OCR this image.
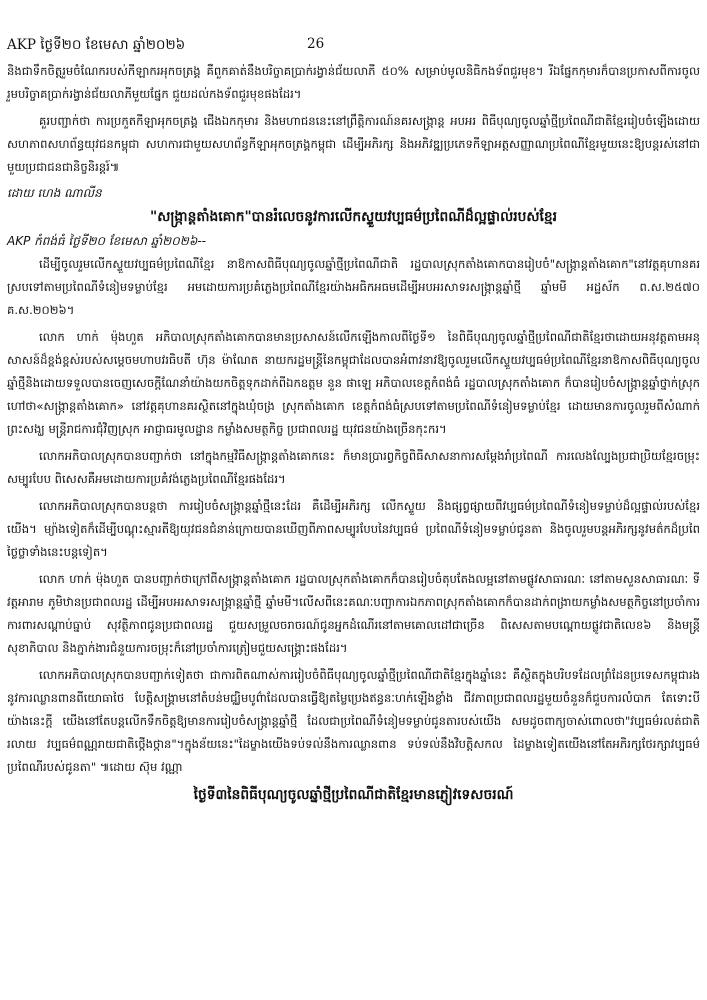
AKP ថ្ងៃទី២០ ខែមេសា ឆ្នាំ២០២៦	26

និងជាទឹកចិត្តរួមចំណែករបស់កីឡាករអុកចត្រង្គ គឺពួកគាត់នឹងបរិច្ចាគប្រាក់រង្វាន់ជ័យលាភី ៥០% សម្រាប់មូលនិធិកងទ័ពជួរមុខ។ រីឯផ្នែកកុមារក៏បានប្រកាសពីការចូលរួមបរិច្ចាគប្រាក់រង្វាន់ជ័យលាភីមួយផ្នែក ជួយដល់កងទ័ពជួរមុខផងដែរ។

គួរបញ្ជាក់ថា ការប្រកួតកីឡាអុកចត្រង្គ ជើងឯកកុមារ និងមហាជននេះនៅព្រឹត្តិការណ៍នគរសង្ក្រាន្ត អបអរ ពិធីបុណ្យចូលឆ្នាំថ្មីប្រពៃណីជាតិខ្មែររៀបចំឡើងដោយសហភាពសហព័ន្ធយុវជនកម្ពុជា សហការជាមួយសហព័ន្ធកីឡាអុកចត្រង្គកម្ពុជា ដើម្បីអភិរក្ស និងអភិវឌ្ឍប្រភេទកីឡាអត្តសញ្ញាណប្រពៃណីខ្មែរមួយនេះឱ្យបន្តរស់នៅជាមួយប្រជាជនជានិច្ចនិរន្តរ៍៕

ដោយ ហេង ណាលីន
"សង្ក្រាន្តតាំងគោក"បានរំលេចនូវការលើកស្ទួយវប្បធម៌ប្រពៃណីដ៏ល្អផ្ទាល់របស់ខ្មែរ
AKP កំពង់ធំ ថ្ងៃទី២០ ខែមេសា ឆ្នាំ២០២៦--

ដើម្បីចូលរួមលើកស្ទួយវប្បធម៌ប្រពៃណីខ្មែរ នាឱកាសពិធីបុណ្យចូលឆ្នាំថ្មីប្រពៃណីជាតិ រដ្ឋបាលស្រុកតាំងគោកបានរៀបចំ"សង្ក្រាន្តតាំងគោក"នៅវត្តគុហានគរ ស្របទៅតាមប្រពៃណីទំនៀមទម្លាប់ខ្មែរ អមដោយការប្រគំភ្លេងប្រពៃណីខ្មែរយ៉ាងអធិកអធមដើម្បីអបអរសាទរសង្ក្រាន្តឆ្នាំថ្មី ឆ្នាំមមី អដ្ឋស័ក ព.ស.២៥៧០ គ.ស.២០២៦។

លោក ហាក់ ម៉ុងហួត អភិបាលស្រុកតាំងគោកបានមានប្រសាសន៍លើកឡើងកាលពីថ្ងៃទី១ នៃពិធីបុណ្យចូលឆ្នាំថ្មីប្រពៃណីជាតិខ្មែរថាដោយអនុវត្តតាមអនុសាសន៍ដ៏ខ្ពង់ខ្ពស់របស់សម្ដេចមហាបវរធិបតី ហ៊ុន ម៉ាណែត នាយករដ្ឋមន្ត្រីនៃកម្ពុជាដែលបានអំពាវនាវឱ្យចូលរួមលើកស្ទួយវប្បធម៌ប្រពៃណីខ្មែរនាឱកាសពិធីបុណ្យចូលឆ្នាំថ្មីនិងដោយទទួលបានចេញសេចក្តីណែនាំយ៉ាងយកចិត្តទុកដាក់ពីឯកឧត្តម នួន ផាឡេ អភិបាលខេត្តកំពង់ធំ រដ្ឋបាលស្រុកតាំងគោក ក៏បានរៀបចំសង្ក្រាន្តឆ្នាំថ្នាក់ស្រុក ហៅថា«សង្ក្រាន្តតាំងគោក» នៅវត្តគុហានគរស្ថិតនៅក្នុងឃុំចង្រ ស្រុកតាំងគោក ខេត្តកំពង់ធំស្របទៅតាមប្រពៃណីទំនៀមទម្លាប់ខ្មែរ ដោយមានការចូលរួមពីសំណាក់ព្រះសង្ឃ មន្ត្រីរាជការជុំវិញស្រុក អាជ្ញាធរមូលដ្ឋាន កម្លាំងសមត្ថកិច្ច ប្រជាពលរដ្ឋ យុវជនយ៉ាងច្រើនកុះករ។

លោកអភិបាលស្រុកបានបញ្ជាក់ថា នៅក្នុងកម្មវិធីសង្ក្រាន្តតាំងគោកនេះ ក៏មានប្រារព្វកិច្ចពិធីសាសនាការសម្ដែងរាំប្រពៃណី ការលេងល្បែងប្រជាប្រិយខ្មែរចម្រុះសម្បូរបែប ពិសេសគឺអមដោយការប្រគំវង់ភ្លេងប្រពៃណីខ្មែរផងដែរ។

លោកអភិបាលស្រុកបានបន្តថា ការរៀបចំសង្ក្រាន្តឆ្នាំថ្មីនេះដែរ គឺដើម្បីអភិរក្ស លើកស្ទួយ និងផ្សព្វផ្សាយពីវប្បធម៌ប្រពៃណីទំនៀមទម្លាប់ដ៏ល្អផ្ទាល់របស់ខ្មែរយើង។ ម្យ៉ាងទៀតក៏ដើម្បីបណ្ដុះស្មារតីឱ្យយុវជនជំនាន់ក្រោយបានឃើញពីភាពសម្បូរបែបនៃវប្បធម៌ ប្រពៃណីទំនៀមទម្លាប់ជូនតា និងចូលរួមបន្តអភិរក្សនូវមត៌កដ៏ប្រពៃថ្លៃថ្លាទាំងនេះបន្តទៀត។

លោក ហាក់ ម៉ុងហួត បានបញ្ជាក់ថាក្រៅពីសង្ក្រាន្តតាំងគោក រដ្ឋបាលស្រុកតាំងគោកក៏បានរៀបចំតុបតែងលម្អនៅតាមផ្លូវសាធារណៈ នៅតាមសួនសាធារណៈ ទីវត្តអារាម ភូមិឋានប្រជាពលរដ្ឋ ដើម្បីអបអរសាទរសង្ក្រាន្តឆ្នាំថ្មី ឆ្នាំមមី។លើសពីនេះគណៈបញ្ជាការឯកភាពស្រុកតាំងគោកក៏បានដាក់ពង្រាយកម្លាំងសមត្ថកិច្ចនៅប្រចាំការការពារសណ្ដាប់ធ្នាប់ សុវត្ថិភាពជូនប្រជាពលរដ្ឋ ជួយសម្រួលចរាចរណ៍ជូនអ្នកដំណើរនៅតាមគោលដៅជាច្រើន ពិសេសតាមបណ្ដោយផ្លូវជាតិលេខ៦ និងមន្ត្រីសុខាភិបាល និងភ្នាក់ងារជំនួយការចម្រុះក៏នៅប្រចាំការត្រៀមជួយសង្គ្រោះផងដែរ។

លោកអភិបាលស្រុកបានបញ្ជាក់ទៀតថា ជាការពិតណាស់ការរៀបចំពិធីបុណ្យចូលឆ្នាំថ្មីប្រពៃណីជាតិខ្មែរក្នុងឆ្នាំនេះ គឺស្ថិតក្នុងបរិបទដែលព្រំដែនប្រទេសកម្ពុជារងនូវការឈ្លានពានពីយោធាថៃ បែត្តិសង្គ្រាមនៅតំបន់មជ្ឈិមបូព៌ាដែលបានធ្វើឱ្យតម្លៃប្រេងឥន្ធនៈហក់ឡើងខ្លាំង ជីវភាពប្រជាពលរដ្ឋមួយចំនួនក៏ជួបការលំបាក តែទោះបីយ៉ាងនេះក្ដី យើងនៅតែបន្តលើកទឹកចិត្តឱ្យមានការរៀបចំសង្ក្រាន្តឆ្នាំថ្មី ដែលជាប្រពៃណីទំនៀមទម្លាប់ជូនតារបស់យើង សមដូចពាក្យចាស់ពោលថា"វប្បធម៌រលត់ជាតិរលាយ វប្បធម៌ពណ្ណរាយជាតិថ្កើងថ្កាន"។ក្នុងន័យនេះ"ដៃម្ខាងយើងទប់ទល់នឹងការឈ្លានពាន ទប់ទល់នឹងវិបត្តិសកល ដៃម្ខាងទៀតយើងនៅតែអភិរក្សថែរក្សាវប្បធម៌ប្រពៃណីរបស់ជូនតា" ៕ដោយ ស៊ុម វណ្ណា

ថ្ងៃទី៣នៃពិធីបុណ្យចូលឆ្នាំថ្មីប្រពៃណីជាតិខ្មែរមានភ្ញៀវទេសចរណ៍
